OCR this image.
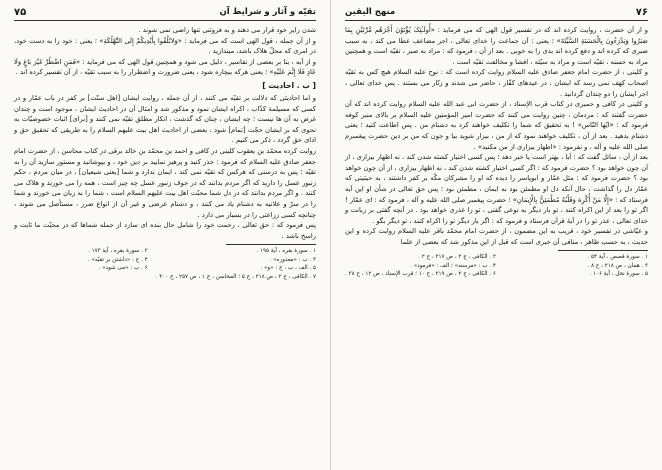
تقیّه و آثار و شرایط آن
۷۵

شدن رایر خود قرار می دهند و به فروتنی تنها راضی نمی شوند .

و از آن جمله ، قول الهی است که می فرماید : «وَلاتُلْقُوا بِأَیْدِیکُمْ إِلَی التَّهْلُکَةِ» ؛ یعنی : خود را به دست خود، در امری که محلّ هلاک باشد، میندازید .

و از آیه ، بنا بر بعضی از تفاسیر ، دلیل می شود و همچنین قول الهی که می فرماید : «فَمَنِ اضْطُرَّ غَیْرَ بَاغٍ وَلَا عَادٍ فَلَا إِثْمَ عَلَیْهِ» ؛ یعنی هرکه بیچاره شود ، یعنی ضرورت و اضطرار را به سبب تقیّه ، از آن تفسیر کرده اند .

[ ب . احادیث ]

و اما احادیثی که دلالت بر تقیّه می کنند ، از آن جمله ، روایت ایشان [اهل سنّت] بر کفر در باب عمّار و در کسی که مسیلمة کذّاب ، اکراه ایشان نمود و مذکور شد و امثال آن در احادیث ایشان ، موجود است و چندان غرض به آن ها نیست ؛ چه ایشان ، چنان که گذشت ، انکار مطلق تقیّه نمی کنند و [برای] اثبات خصوصیّات به نحوی که بر ایشان حجّت [تمام] شود ، بعضی از احادیث اهل بیت علیهم السلام را به طریقی که تحقیق حق و ادای حق گردد ، ذکر می کنیم .

روایت کرده محمّد بن یعقوب کلینی در کافی و احمد بن محمّد بن خالد برقی در کتاب محاسن ، از حضرت امام جعفر صادق علیه السلام که فرمود : حذر کنید و پرهیز نمایید بر دین خود ، و بپوشانید و مستور سازید آن را به تقیّه ؛ پس به درستی که هرکس که تقیّه نمی کند ، ایمان ندارد و شما [یعنی شیعیان] ، در میان مردم ، حکم زنبور عسل را دارید که اگر مردم بدانند که در جوف زنبور عسل چه چیز است ، همه را می خورند و هلاک می کنند . و اگر مردم بدانند که در دل شما محبّت اهل بیت علیهم السلام است ، شما را به زبان می خورند و شما را در سرّ و علانیه به دشنام یاد می کنند ، و دشنام عرضی و غیر آن از انواع ضرر ، مستأصل می شوند ، چنانچه کسی زراعتی را در بسیار می دارد .

پس فرمود که : حق تعالی ، رحمت خود را شامل حال بنده ای سازد از جمله شماها که در محبّت ما ثابت و راسخ باشد .

۱ . سورهٔ بقره ، آیهٔ ۱۹۵ .
۲ . سورهٔ بقره ، آیهٔ ۱۷۳ .
۳ . ب : «معذوره» .
۴ . ج : «داشتن بر تقیّه» .
۵ . الف ، ب ، ج : «و» .
۶ . ب : «می شود» .
۷ . الکافی ، ج ۲ ، ص ۲۱۸ ، ح ۵ ؛ المحاسن ، ج ۱ ، ص ۲۵۷ ، ح ۳۰۰ .
۷۶
منهج الیقین

و از آن حضرت ، روایت کرده اند که در تفسیر قول الهی که می فرماید : «أُولَـٰئِکَ یُؤْتَوْنَ أَجْرَهُم مَّرَّتَیْنِ بِمَا صَبَرُوا وَیَدْرَءُونَ بِالْحَسَنَةِ السَّیِّئَةَ» ؛ یعنی : آن جماعت را خدای تعالی ، اجر مضاعف عطا می کند ، به سبب صبری که کرده اند و دفع کرده اند بدی را به خوبی . بعد از آن ، فرمود که : مراد به صبر ، تقیّه است و همچنین مراد به حسنه ، تقیّه است و مراد به سیّئه ، افشا و مخالفت تقیّه است .

و کلینی ، از حضرت امام جعفر صادق علیه السلام روایت کرده است که : نوح علیه السلام هیچ کس به تقیّه اصحاب کهف نمی رسد که ایشان ، در عیدهای کفّار ، حاضر می شدند و زنّار می بستند . پس خدای تعالی ، اجر ایشان را دو چندان گردانید .

و کلینی در کافی و حمیری در کتاب قرب الإسناد ، از حضرت ابی عبد الله علیه السلام روایت کرده اند که آن حضرت گفتند که : مردمان ، چنین روایت می کنند که حضرت امیر المؤمنین علیه السلام بر بالای منبر کوفه فرمود که : «ایّها النّاس» ! به تحقیق که شما را تکلیف خواهند کرد به دشنام من . پس اطاعت کنید ؛ یعنی دشنام بدهید . بعد از آن ، تکلیف خواهند نمود که از من ، بیزار شوید بیا و جون که من بر دین حضرت پیغمبرم صلی الله علیه و آله ، و نفرمود : «اظهار بیزاری از من مکنید» .

بعد از آن ، سائل گفت که : آیا ، بهتر است یا خبر دهد ؛ پس کسی اختیار کشته شدن کند ، نه اظهار بیزاری ، از آن چون خواهد بود ؟ حضرت فرمود که : اگر کسی اختیار کشته شدن کند ، نه اظهار بیزاری ، از آن چون خواهد بود ؟ حضرت فرمود که : مثل عمّار و ابویاسر را دیده که او را مشرکان مکّه بر کفر داشتند ، به حیثیتی که عمّار دل را گذاشت ، حال آنکه دل او مطمئن بود به ایمان ، مطمئن بود ؛ پس حق تعالی در شأن او این آیه فرستاد که : «إِلَّا مَنْ أُکْرِهَ وَقَلْبُهُ مُطْمَئِنٌّ بِالْإِیمَانِ» ؛ حضرت پیغمبر صلی الله علیه و آله ، فرمود که : ای عمّار ! اگر تو را بعد از این اکراه کنند ، تو بار دیگر به نوعی گفتی ، تو را عذری خواهد بود . در آنچه گفتی بر زبانت و خدای تعالی ، عذر تو را در آیهٔ قرآن فرستاد و فرمود که : اگر بار دیگر تو را اکراه کنند ، تو دیگر بگو .

و عیّاشی در تفسیر خود ، قریب به این مضمون ، از حضرت امام محمّد باقر علیه السلام روایت کرده و این حدیث ، به حسب ظاهر ، منافی آن خبری است که قبل از این مذکور شد که بعضی از علما

۱ . سورهٔ قصص ، آیهٔ ۵۴ .
۲ . الکافی ، ج ۲ ، ص ۲۱۷ ، ح ۲ .
۳ . همان ، ص ۲۱۸ ، ح ۸ .
۴ . ب : «مرسنه» ؛ الف : «فرمود» .
۵ . سورهٔ نحل ، آیهٔ ۱۰۶ .
۶ . الکافی ، ج ۲ ، ص ۲۱۹ ، ح ۱۰ ؛ قرب الإسناد ، ص ۱۲ ، ح ۳۸ .
